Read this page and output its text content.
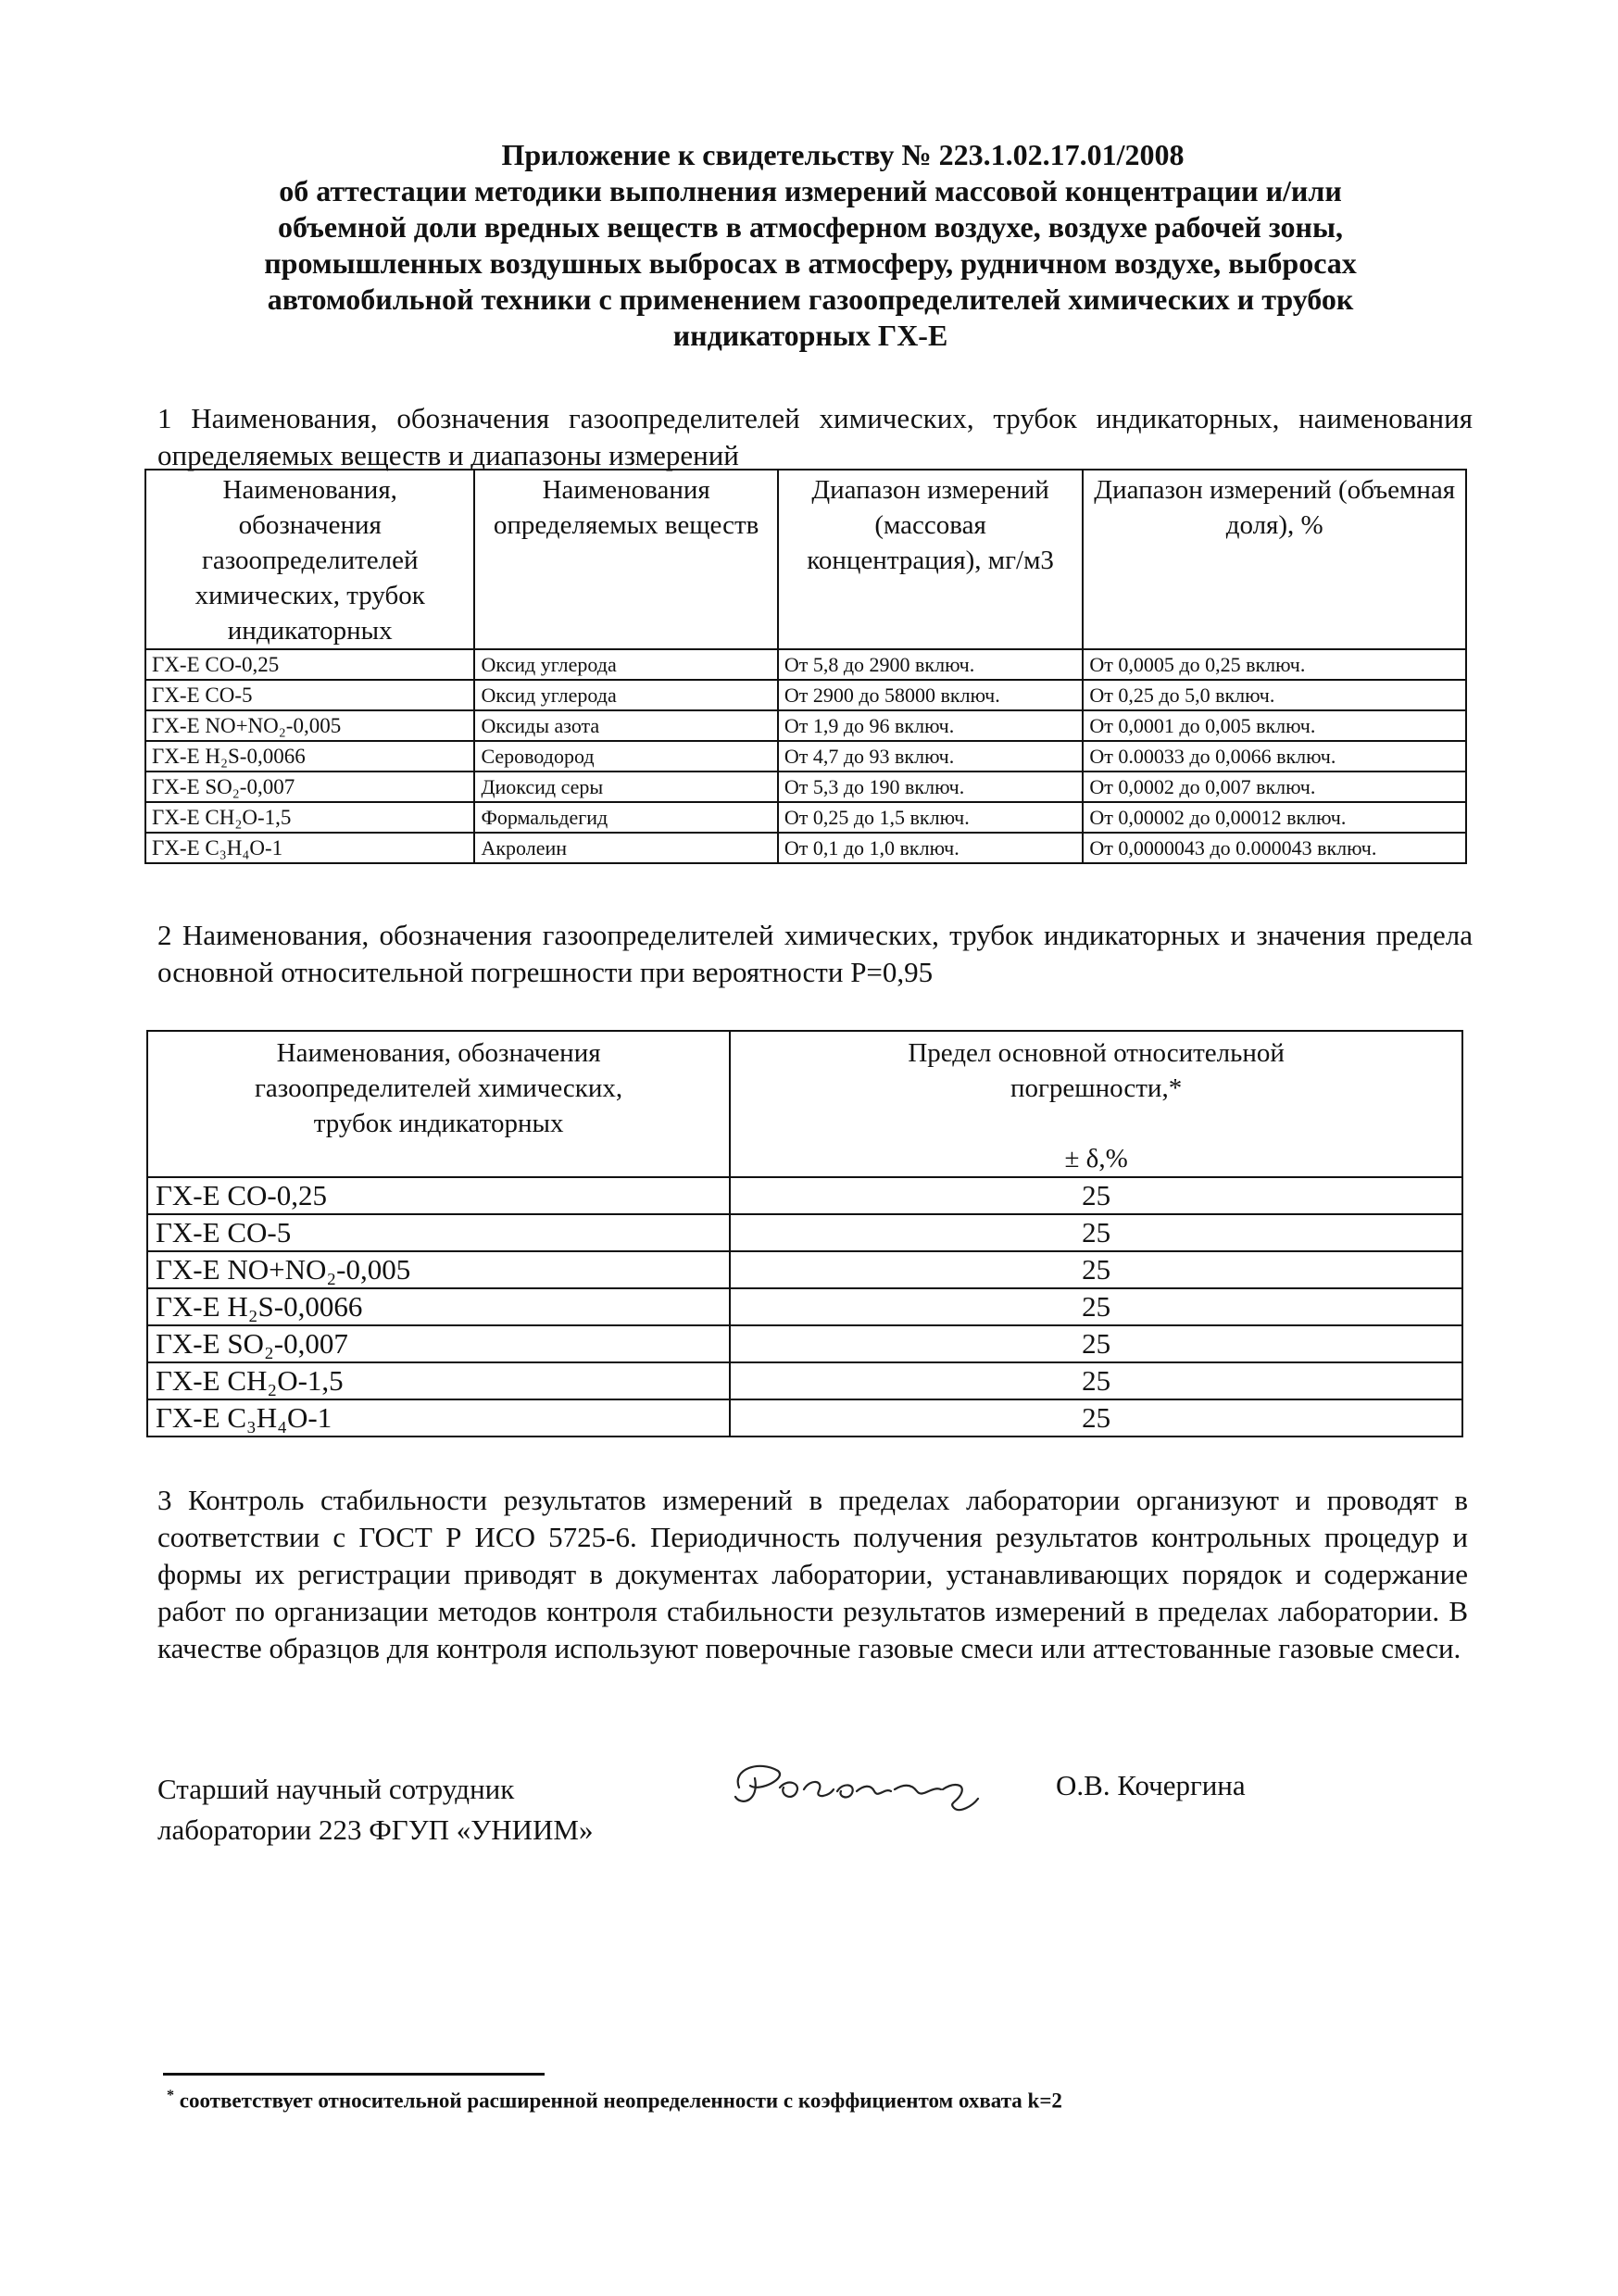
Приложение к свидетельству № 223.1.02.17.01/2008
об аттестации методики выполнения измерений массовой концентрации и/или
объемной доли вредных веществ в атмосферном воздухе, воздухе рабочей зоны,
промышленных воздушных выбросах в атмосферу, рудничном воздухе, выбросах
автомобильной техники с применением газоопределителей химических и трубок
индикаторных ГХ-Е
1 Наименования, обозначения газоопределителей химических, трубок индикаторных, наименования определяемых веществ и диапазоны измерений
Наименования, обозначения газоопределителей химических, трубок индикаторных	Наименования определяемых веществ	Диапазон измерений (массовая концентрация), мг/м3	Диапазон измерений (объемная доля), %
ГХ-Е СО-0,25	Оксид углерода	От 5,8 до 2900 включ.	От 0,0005 до 0,25 включ.
ГХ-Е СО-5	Оксид углерода	От 2900 до 58000 включ.	От 0,25 до 5,0 включ.
ГХ-Е NO+NO₂-0,005	Оксиды азота	От 1,9 до 96 включ.	От 0,0001 до 0,005 включ.
ГХ-Е H₂S-0,0066	Сероводород	От 4,7 до 93 включ.	От 0.00033 до 0,0066 включ.
ГХ-Е SO₂-0,007	Диоксид серы	От 5,3 до 190 включ.	От 0,0002 до 0,007 включ.
ГХ-Е CH₂O-1,5	Формальдегид	От 0,25 до 1,5 включ.	От 0,00002 до 0,00012 включ.
ГХ-Е C₃H₄O-1	Акролеин	От 0,1 до 1,0 включ.	От 0,0000043 до 0.000043 включ.
2 Наименования, обозначения газоопределителей химических, трубок индикаторных и значения предела основной относительной погрешности при вероятности Р=0,95
Наименования, обозначения газоопределителей химических, трубок индикаторных	Предел основной относительной погрешности,*
± δ,%

ГХ-Е СО-0,25	25
ГХ-Е СО-5	25
ГХ-Е NO+NO₂-0,005	25
ГХ-Е H₂S-0,0066	25
ГХ-Е SO₂-0,007	25
ГХ-Е CH₂O-1,5	25
ГХ-Е C₃H₄O-1	25
3 Контроль стабильности результатов измерений в пределах лаборатории организуют и проводят в соответствии с ГОСТ Р ИСО 5725-6. Периодичность получения результатов контрольных процедур и формы их регистрации приводят в документах лаборатории, устанавливающих порядок и содержание работ по организации методов контроля стабильности результатов измерений в пределах лаборатории. В качестве образцов для контроля используют поверочные газовые смеси или аттестованные газовые смеси.
Старший научный сотрудник
лаборатории 223 ФГУП «УНИИМ»
О.В. Кочергина
* соответствует относительной расширенной неопределенности с коэффициентом охвата k=2
